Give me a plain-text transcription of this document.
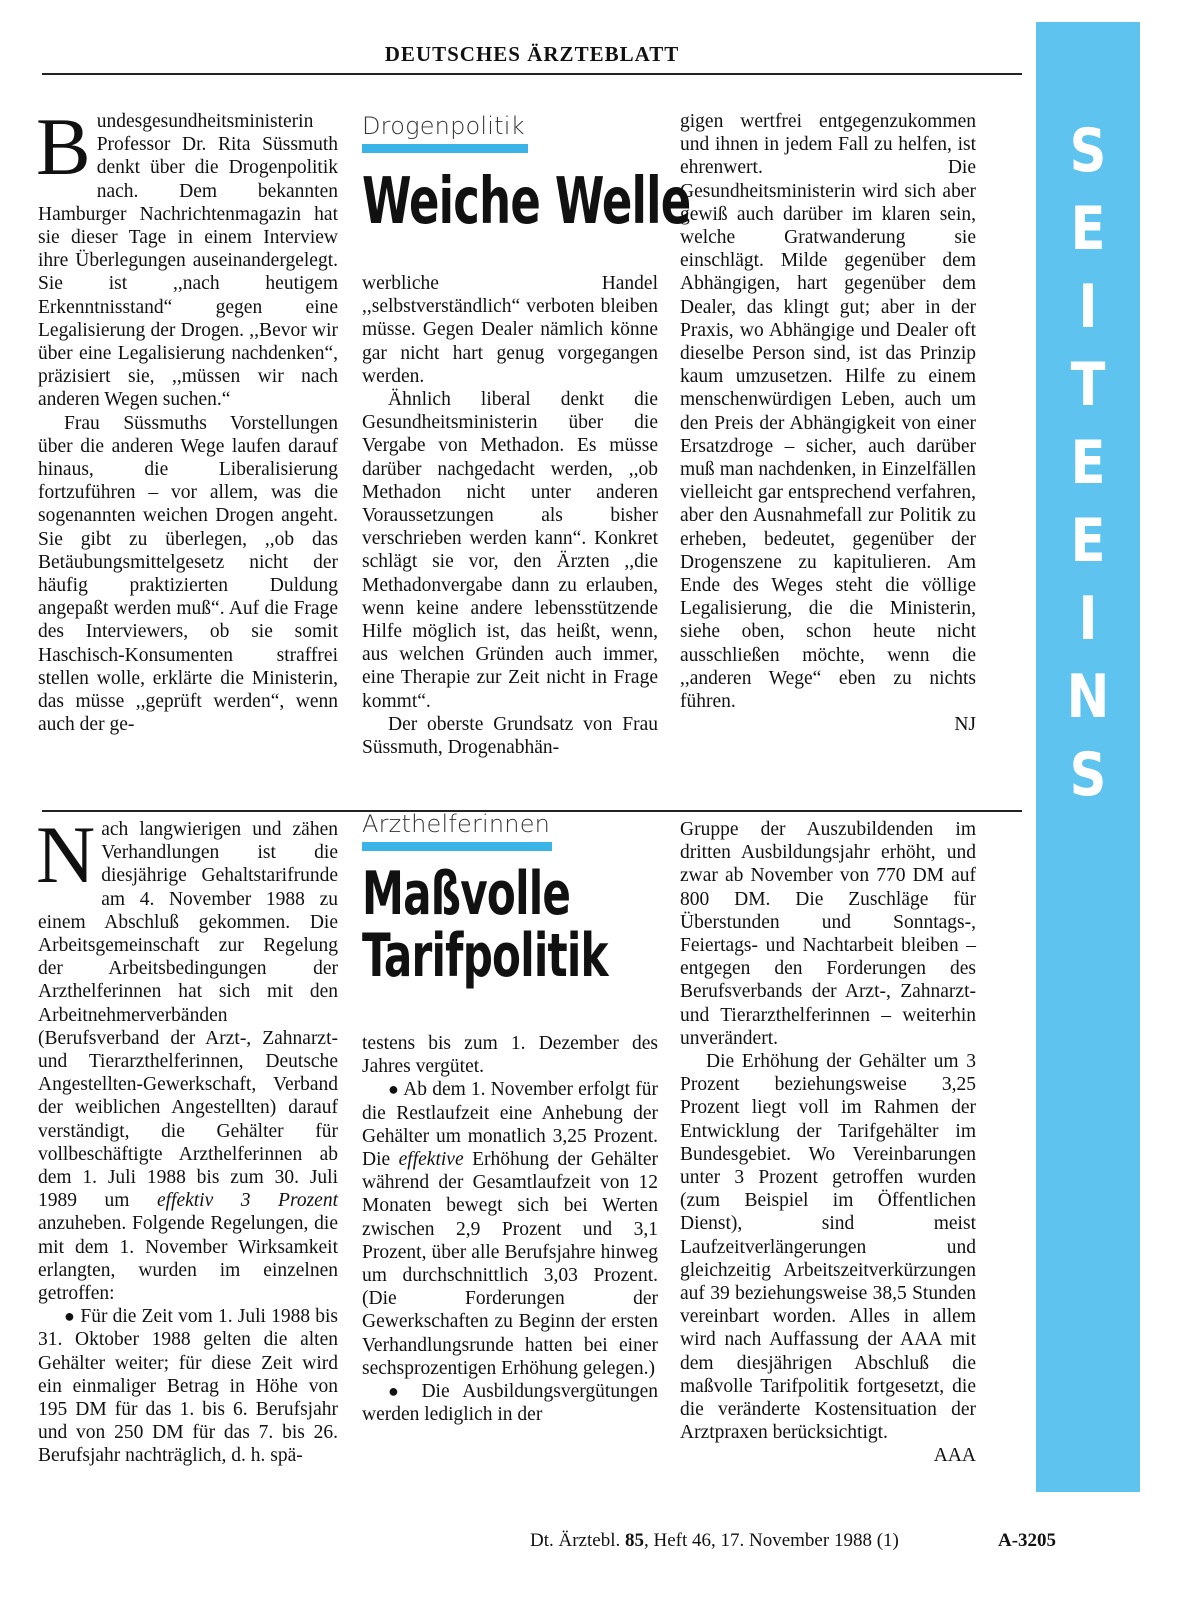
DEUTSCHES ÄRZTEBLATT
B undesgesundheitsministerin Professor Dr. Rita Süssmuth denkt über die Drogenpolitik nach. Dem bekannten Hamburger Nachrichtenmagazin hat sie dieser Tage in einem Interview ihre Überlegungen auseinandergelegt. Sie ist ,,nach heutigem Erkenntnisstand“ gegen eine Legalisierung der Drogen. ,,Bevor wir über eine Legalisierung nachdenken“, präzisiert sie, ,,müssen wir nach anderen Wegen suchen.“

Frau Süssmuths Vorstellungen über die anderen Wege laufen darauf hinaus, die Liberalisierung fortzuführen – vor allem, was die sogenannten weichen Drogen angeht. Sie gibt zu überlegen, ,,ob das Betäubungsmittelgesetz nicht der häufig praktizierten Duldung angepaßt werden muß“. Auf die Frage des Interviewers, ob sie somit Haschisch-Konsumenten straffrei stellen wolle, erklärte die Ministerin, das müsse ,,geprüft werden“, wenn auch der ge-

Drogenpolitik
Weiche Welle

werbliche Handel ,,selbstverständlich“ verboten bleiben müsse. Gegen Dealer nämlich könne gar nicht hart genug vorgegangen werden.

Ähnlich liberal denkt die Gesundheitsministerin über die Vergabe von Methadon. Es müsse darüber nachgedacht werden, ,,ob Methadon nicht unter anderen Voraussetzungen als bisher verschrieben werden kann“. Konkret schlägt sie vor, den Ärzten ,,die Methadonvergabe dann zu erlauben, wenn keine andere lebensstützende Hilfe möglich ist, das heißt, wenn, aus welchen Gründen auch immer, eine Therapie zur Zeit nicht in Frage kommt“.

Der oberste Grundsatz von Frau Süssmuth, Drogenabhän-

gigen wertfrei entgegenzukommen und ihnen in jedem Fall zu helfen, ist ehrenwert. Die Gesundheitsministerin wird sich aber gewiß auch darüber im klaren sein, welche Gratwanderung sie einschlägt. Milde gegenüber dem Abhängigen, hart gegenüber dem Dealer, das klingt gut; aber in der Praxis, wo Abhängige und Dealer oft dieselbe Person sind, ist das Prinzip kaum umzusetzen. Hilfe zu einem menschenwürdigen Leben, auch um den Preis der Abhängigkeit von einer Ersatzdroge – sicher, auch darüber muß man nachdenken, in Einzelfällen vielleicht gar entsprechend verfahren, aber den Ausnahmefall zur Politik zu erheben, bedeutet, gegenüber der Drogenszene zu kapitulieren. Am Ende des Weges steht die völlige Legalisierung, die die Ministerin, siehe oben, schon heute nicht ausschließen möchte, wenn die ,,anderen Wege“ eben zu nichts führen.

NJ
N ach langwierigen und zähen Verhandlungen ist die diesjährige Gehaltstarifrunde am 4. November 1988 zu einem Abschluß gekommen. Die Arbeitsgemeinschaft zur Regelung der Arbeitsbedingungen der Arzthelferinnen hat sich mit den Arbeitnehmerverbänden (Berufsverband der Arzt-, Zahnarzt- und Tierarzthelferinnen, Deutsche Angestellten-Gewerkschaft, Verband der weiblichen Angestellten) darauf verständigt, die Gehälter für vollbeschäftigte Arzthelferinnen ab dem 1. Juli 1988 bis zum 30. Juli 1989 um effektiv 3 Prozent anzuheben. Folgende Regelungen, die mit dem 1. November Wirksamkeit erlangten, wurden im einzelnen getroffen:

● Für die Zeit vom 1. Juli 1988 bis 31. Oktober 1988 gelten die alten Gehälter weiter; für diese Zeit wird ein einmaliger Betrag in Höhe von 195 DM für das 1. bis 6. Berufsjahr und von 250 DM für das 7. bis 26. Berufsjahr nachträglich, d. h. spä-

Arzthelferinnen
Maßvolle
Tarifpolitik

testens bis zum 1. Dezember des Jahres vergütet.

● Ab dem 1. November erfolgt für die Restlaufzeit eine Anhebung der Gehälter um monatlich 3,25 Prozent. Die effektive Erhöhung der Gehälter während der Gesamtlaufzeit von 12 Monaten bewegt sich bei Werten zwischen 2,9 Prozent und 3,1 Prozent, über alle Berufsjahre hinweg um durchschnittlich 3,03 Prozent. (Die Forderungen der Gewerkschaften zu Beginn der ersten Verhandlungsrunde hatten bei einer sechsprozentigen Erhöhung gelegen.)

● Die Ausbildungsvergütungen werden lediglich in der

Gruppe der Auszubildenden im dritten Ausbildungsjahr erhöht, und zwar ab November von 770 DM auf 800 DM. Die Zuschläge für Überstunden und Sonntags-, Feiertags- und Nachtarbeit bleiben – entgegen den Forderungen des Berufsverbands der Arzt-, Zahnarzt- und Tierarzthelferinnen – weiterhin unverändert.

Die Erhöhung der Gehälter um 3 Prozent beziehungsweise 3,25 Prozent liegt voll im Rahmen der Entwicklung der Tarifgehälter im Bundesgebiet. Wo Vereinbarungen unter 3 Prozent getroffen wurden (zum Beispiel im Öffentlichen Dienst), sind meist Laufzeitverlängerungen und gleichzeitig Arbeitszeitverkürzungen auf 39 beziehungsweise 38,5 Stunden vereinbart worden. Alles in allem wird nach Auffassung der AAA mit dem diesjährigen Abschluß die maßvolle Tarifpolitik fortgesetzt, die die veränderte Kostensituation der Arztpraxen berücksichtigt.

AAA
S
E
I
T
E
E
I
N
S
Dt. Ärztebl. 85, Heft 46, 17. November 1988 (1)	A-3205
